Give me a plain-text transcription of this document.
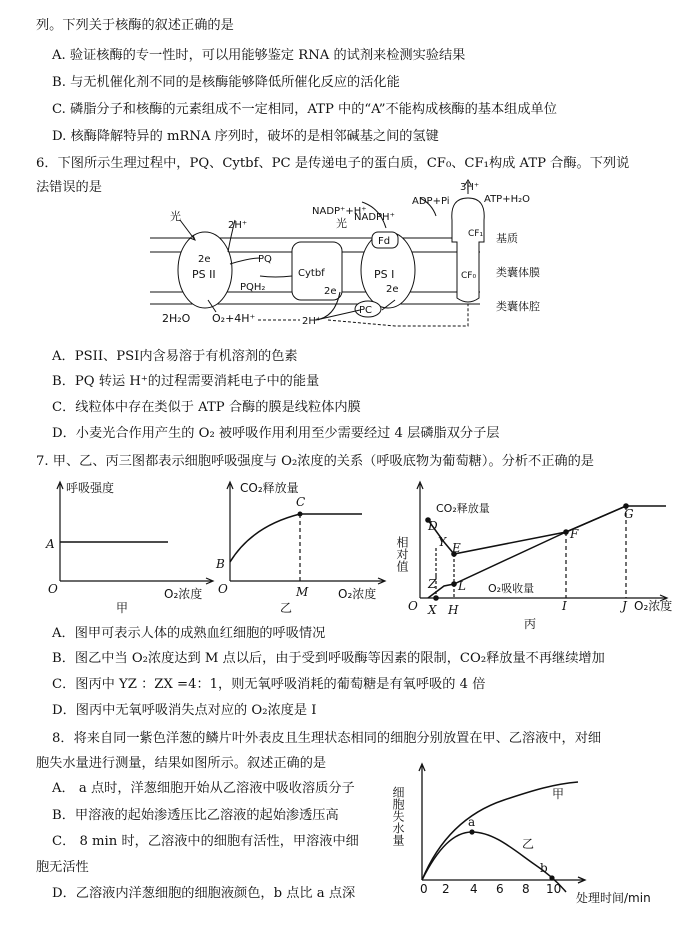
列。下列关于核酶的叙述正确的是
A. 验证核酶的专一性时，可以用能够鉴定 RNA 的试剂来检测实验结果
B. 与无机催化剂不同的是核酶能够降低所催化反应的活化能
C. 磷脂分子和核酶的元素组成不一定相同，ATP 中的“A”不能构成核酶的基本组成单位
D. 核酶降解特异的 mRNA 序列时，破坏的是相邻碱基之间的氢键
6．下图所示生理过程中，PQ、Cytbf、PC 是传递电子的蛋白质，CF₀、CF₁构成 ATP 合酶。下列说
法错误的是
光
光
2H⁺
3H⁺
NADP⁺+H⁺
NADPH⁺
ADP+Pi	ATP+H₂O
2e
PS II
PQ
PQH₂
Cytbf
2e
Fd
PS I
2e
PC
CF₁
CF₀
2H₂O O₂+4H⁺	2H⁺
基质
类囊体膜
类囊体腔
A．PSII、PSI内含易溶于有机溶剂的色素
B．PQ 转运 H⁺的过程需要消耗电子中的能量
C．线粒体中存在类似于 ATP 合酶的膜是线粒体内膜
D．小麦光合作用产生的 O₂ 被呼吸作用利用至少需要经过 4 层磷脂双分子层
7. 甲、乙、丙三图都表示细胞呼吸强度与 O₂浓度的关系（呼吸底物为葡萄糖）。分析不正确的是
呼吸强度
A
O	O₂浓度
甲
CO₂释放量
C
B
O	M O₂浓度
乙
相对值
CO₂释放量
O₂吸收量
D
Y E
F
G
Z L
O X H	I	J O₂浓度
丙
A．图甲可表示人体的成熟血红细胞的呼吸情况
B．图乙中当 O₂浓度达到 M 点以后，由于受到呼吸酶等因素的限制，CO₂释放量不再继续增加
C．图丙中 YZ ：ZX =4：1，则无氧呼吸消耗的葡萄糖是有氧呼吸的 4 倍
D．图丙中无氧呼吸消失点对应的 O₂浓度是 I
8．将来自同一紫色洋葱的鳞片叶外表皮且生理状态相同的细胞分别放置在甲、乙溶液中，对细
胞失水量进行测量，结果如图所示。叙述正确的是
A． a 点时，洋葱细胞开始从乙溶液中吸收溶质分子
B．甲溶液的起始渗透压比乙溶液的起始渗透压高
C． 8 min 时，乙溶液中的细胞有活性，甲溶液中细
胞无活性
D．乙溶液内洋葱细胞的细胞液颜色，b 点比 a 点深
细胞失水量	甲
乙
a
b
0 2 4 6 8 10
处理时间/min
